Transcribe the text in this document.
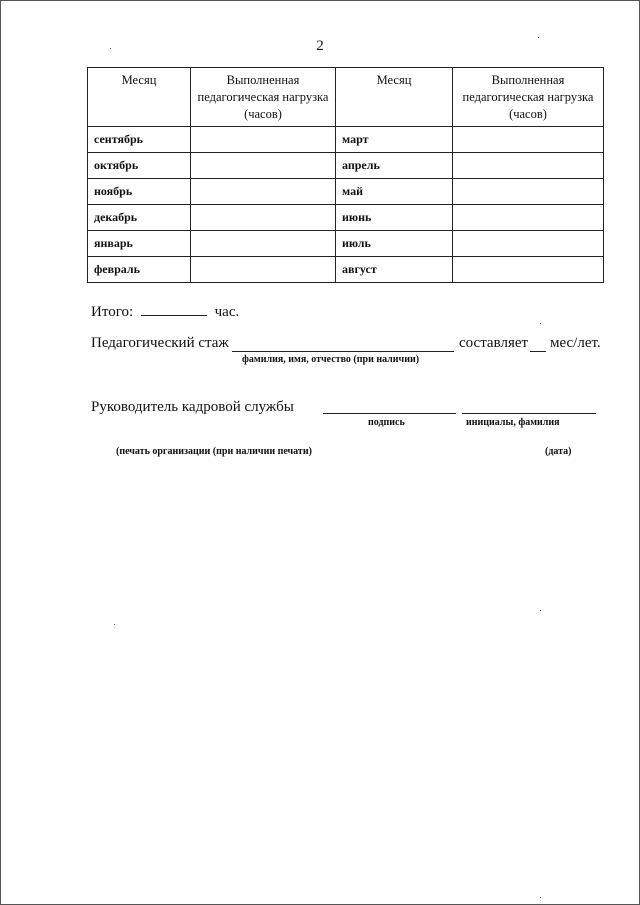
2
Месяц	Выполненная педагогическая нагрузка (часов)	Месяц	Выполненная педагогическая нагрузка (часов)
сентябрь		март	
октябрь		апрель	
ноябрь		май	
декабрь		июнь	
январь		июль	
февраль		август	
Итого:	час.
Педагогический стаж	составляет мес/лет.
фамилия, имя, отчество (при наличии)
Руководитель кадровой службы
подпись	инициалы, фамилия
(печать организации (при наличии печати)	(дата)
